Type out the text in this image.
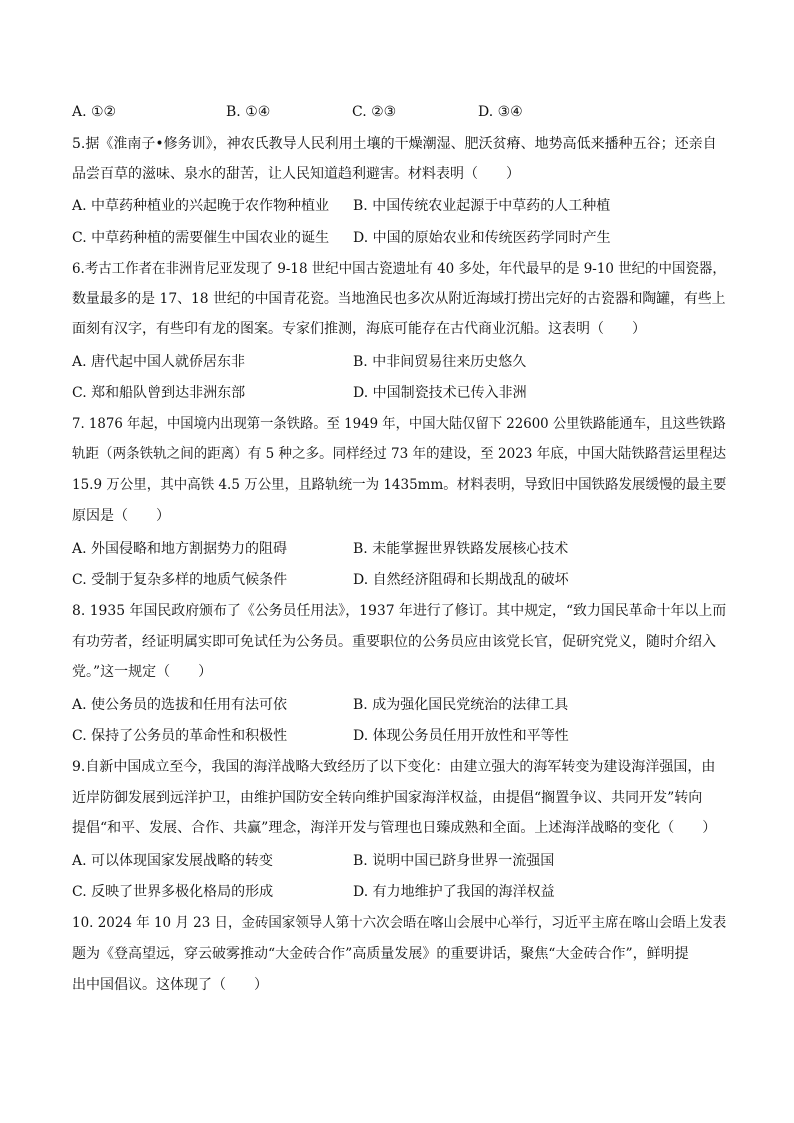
A. ①②	B. ①④	C. ②③	D. ③④
5.据《淮南子•修务训》，神农氏教导人民利用土壤的干燥潮湿、肥沃贫瘠、地势高低来播种五谷；还亲自
品尝百草的滋味、泉水的甜苦，让人民知道趋利避害。材料表明（　　）
A. 中草药种植业的兴起晚于农作物种植业 B. 中国传统农业起源于中草药的人工种植
C. 中草药种植的需要催生中国农业的诞生 D. 中国的原始农业和传统医药学同时产生
6.考古工作者在非洲肯尼亚发现了 9-18 世纪中国古瓷遗址有 40 多处，年代最早的是 9-10 世纪的中国瓷器，
数量最多的是 17、18 世纪的中国青花瓷。当地渔民也多次从附近海域打捞出完好的古瓷器和陶罐，有些上
面刻有汉字，有些印有龙的图案。专家们推测，海底可能存在古代商业沉船。这表明（　　）
A. 唐代起中国人就侨居东非	B. 中非间贸易往来历史悠久
C. 郑和船队曾到达非洲东部	D. 中国制瓷技术已传入非洲
7. 1876 年起，中国境内出现第一条铁路。至 1949 年，中国大陆仅留下 22600 公里铁路能通车，且这些铁路
轨距（两条铁轨之间的距离）有 5 种之多。同样经过 73 年的建设，至 2023 年底，中国大陆铁路营运里程达
15.9 万公里，其中高铁 4.5 万公里，且路轨统一为 1435mm。材料表明，导致旧中国铁路发展缓慢的最主要
原因是（　　）
A. 外国侵略和地方割据势力的阻碍	B. 未能掌握世界铁路发展核心技术
C. 受制于复杂多样的地质气候条件	D. 自然经济阻碍和长期战乱的破坏
8. 1935 年国民政府颁布了《公务员任用法》，1937 年进行了修订。其中规定，“致力国民革命十年以上而
有功劳者，经证明属实即可免试任为公务员。重要职位的公务员应由该党长官，促研究党义，随时介绍入
党。”这一规定（　　）
A. 使公务员的选拔和任用有法可依	B. 成为强化国民党统治的法律工具
C. 保持了公务员的革命性和积极性	D. 体现公务员任用开放性和平等性
9.自新中国成立至今，我国的海洋战略大致经历了以下变化：由建立强大的海军转变为建设海洋强国，由
近岸防御发展到远洋护卫，由维护国防安全转向维护国家海洋权益，由提倡“搁置争议、共同开发”转向
提倡“和平、发展、合作、共赢”理念，海洋开发与管理也日臻成熟和全面。上述海洋战略的变化（　　）
A. 可以体现国家发展战略的转变	B. 说明中国已跻身世界一流强国
C. 反映了世界多极化格局的形成	D. 有力地维护了我国的海洋权益
10. 2024 年 10 月 23 日，金砖国家领导人第十六次会晤在喀山会展中心举行，习近平主席在喀山会晤上发表
题为《登高望远，穿云破雾推动“大金砖合作”高质量发展》的重要讲话，聚焦“大金砖合作”，鲜明提
出中国倡议。这体现了（　　）
